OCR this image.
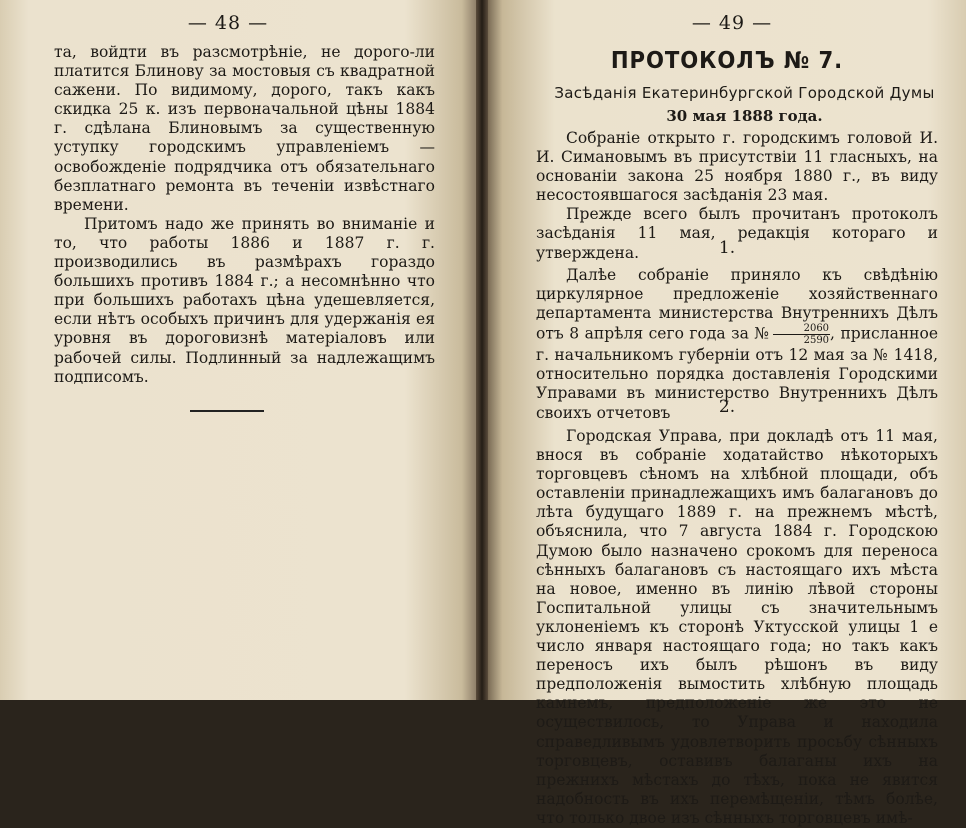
— 48 —

та, войдти въ разсмотрѣніе, не дорого-ли платится Блинову за мостовыя съ квадратной сажени. По видимому, дорого, такъ какъ скидка 25 к. изъ первоначальной цѣны 1884 г. сдѣлана Блиновымъ за существенную уступку городскимъ управленіемъ — освобожденіе подрядчика отъ обязательнаго безплатнаго ремонта въ теченіи извѣстнаго времени.

Притомъ надо же принять во вниманіе и то, что работы 1886 и 1887 г. г. производились въ размѣрахъ гораздо большихъ противъ 1884 г.; а несомнѣнно что при большихъ работахъ цѣна удешевляется, если нѣтъ особыхъ причинъ для удержанія ея уровня въ дороговизнѣ матеріаловъ или рабочей силы. Подлинный за надлежащимъ подписомъ.

— 49 —
ПРОТОКОЛЪ № 7.
Засѣданія Екатеринбургской Городской Думы
30 мая 1888 года.

Собраніе открыто г. городскимъ головой И. И. Симановымъ въ присутствіи 11 гласныхъ, на основаніи закона 25 ноября 1880 г., въ виду несостоявшагося засѣданія 23 мая.

Прежде всего былъ прочитанъ протоколъ засѣданія 11 мая, редакція котораго и утверждена.	1.

Далѣе собраніе приняло къ свѣдѣнію циркулярное предложеніе хозяйственнаго департамента министерства Внутреннихъ Дѣлъ отъ 8 апрѣля сего года за № $\frac{2060}{2590}$ , присланное г. начальникомъ губерніи отъ 12 мая за № 1418, относительно порядка доставленія Городскими Управами въ министерство Внутреннихъ Дѣлъ своихъ отчетовъ	2.

Городская Управа, при докладѣ отъ 11 мая, внося въ собраніе ходатайство нѣкоторыхъ торговцевъ сѣномъ на хлѣбной площади, объ оставленіи принадлежащихъ имъ балагановъ до лѣта будущаго 1889 г. на прежнемъ мѣстѣ, объяснила, что 7 августа 1884 г. Городскою Думою было назначено срокомъ для переноса сѣнныхъ балагановъ съ настоящаго ихъ мѣста на новое, именно въ линію лѣвой стороны Госпитальной улицы съ значительнымъ уклоненіемъ къ сторонѣ Уктусской улицы 1 е число января настоящаго года; но такъ какъ переносъ ихъ былъ рѣшонъ въ виду предположенія вымостить хлѣбную площадь камнемъ, предположеніе же это не осуществилось, то Управа и находила справедливымъ удовлетворить просьбу сѣнныхъ торговцевъ, оставивъ балаганы ихъ на прежнихъ мѣстахъ до тѣхъ, пока не явится надобность въ ихъ перемѣщеніи, тѣмъ болѣе, что только двое изъ сѣнныхъ торговцевъ имѣ-
